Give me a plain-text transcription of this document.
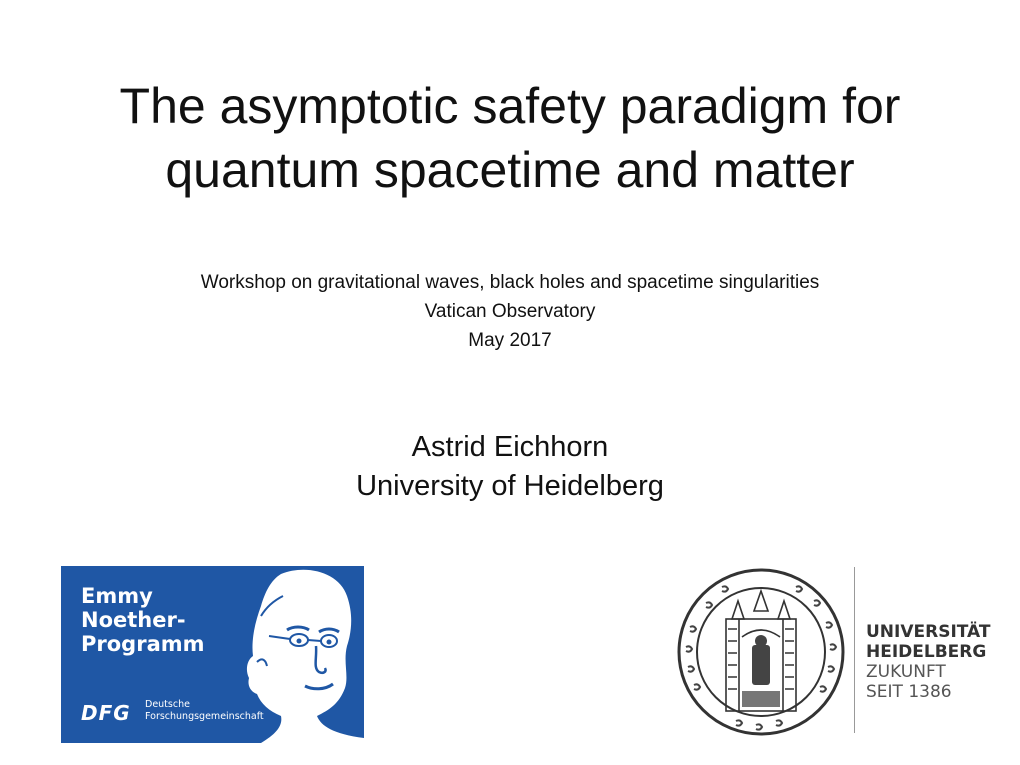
The asymptotic safety paradigm for
quantum spacetime and matter
Workshop on gravitational waves, black holes and spacetime singularities
Vatican Observatory
May 2017
Astrid Eichhorn
University of Heidelberg
Emmy
Noether-
Programm
DFG Deutsche
Forschungsgemeinschaft
UNIVERSITÄT
HEIDELBERG
ZUKUNFT
SEIT 1386
